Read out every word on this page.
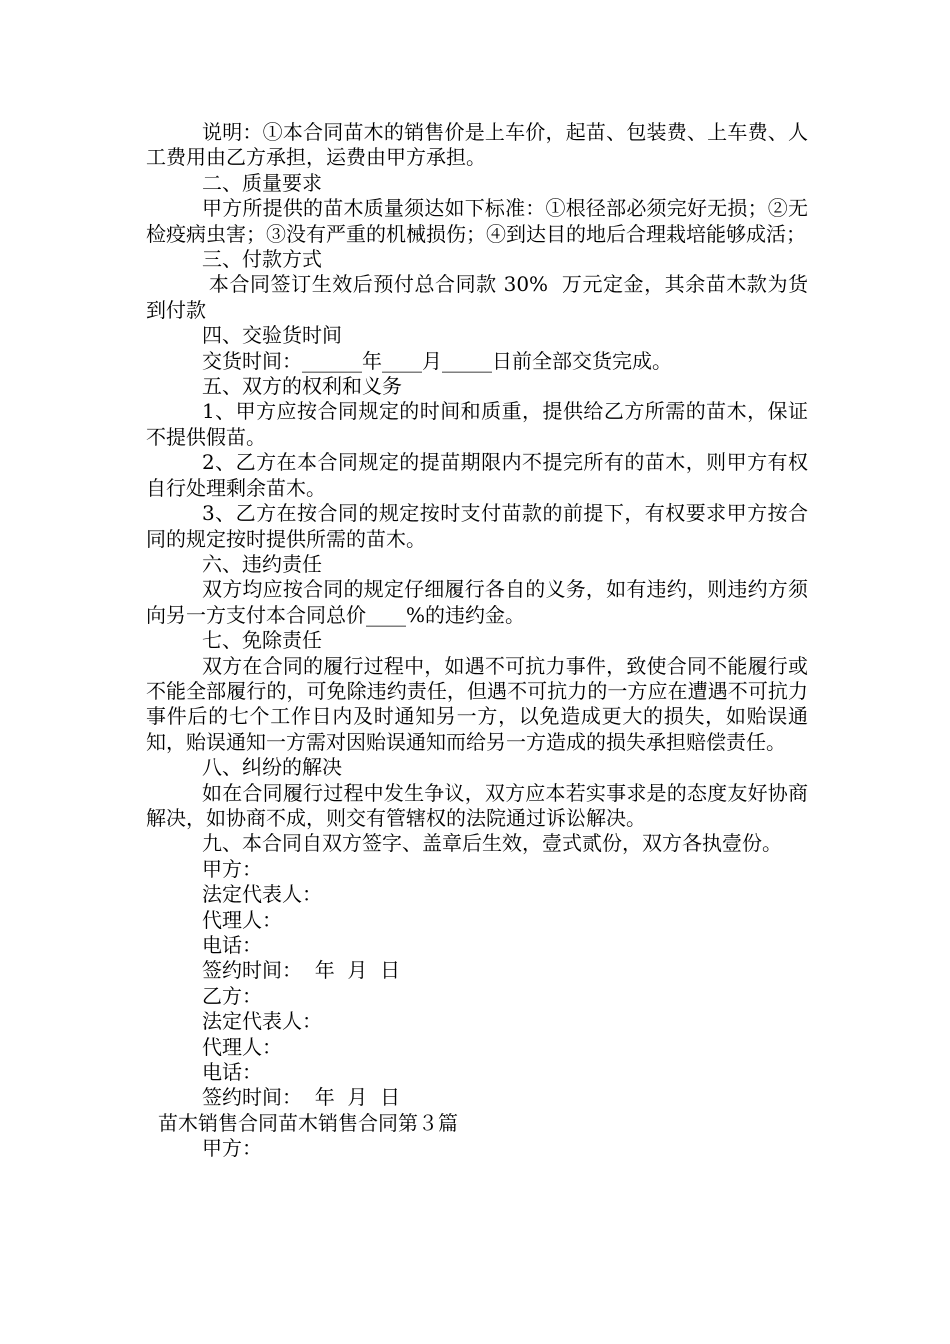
说明：①本合同苗木的销售价是上车价，起苗、包装费、上车费、人工费用由乙方承担，运费由甲方承担。

二、质量要求

甲方所提供的苗木质量须达如下标准：①根径部必须完好无损；②无检疫病虫害；③没有严重的机械损伤；④到达目的地后合理栽培能够成活；

三、付款方式

本合同签订生效后预付总合同款 30%  万元定金，其余苗木款为货到付款

四、交验货时间

交货时间：______年____月_____日前全部交货完成。

五、双方的权利和义务

1、甲方应按合同规定的时间和质重，提供给乙方所需的苗木，保证不提供假苗。

2、乙方在本合同规定的提苗期限内不提完所有的苗木，则甲方有权自行处理剩余苗木。

3、乙方在按合同的规定按时支付苗款的前提下，有权要求甲方按合同的规定按时提供所需的苗木。

六、违约责任

双方均应按合同的规定仔细履行各自的义务，如有违约，则违约方须向另一方支付本合同总价____%的违约金。

七、免除责任

双方在合同的履行过程中，如遇不可抗力事件，致使合同不能履行或不能全部履行的，可免除违约责任，但遇不可抗力的一方应在遭遇不可抗力事件后的七个工作日内及时通知另一方，以免造成更大的损失，如贻误通知，贻误通知一方需对因贻误通知而给另一方造成的损失承担赔偿责任。

八、纠纷的解决

如在合同履行过程中发生争议，双方应本若实事求是的态度友好协商解决，如协商不成，则交有管辖权的法院通过诉讼解决。

九、本合同自双方签字、盖章后生效，壹式贰份，双方各执壹份。

甲方：

法定代表人：

代理人：

电话：

签约时间：  年  月  日

乙方：

法定代表人：

代理人：

电话：

签约时间：  年  月  日

苗木销售合同苗木销售合同第３篇

甲方：
